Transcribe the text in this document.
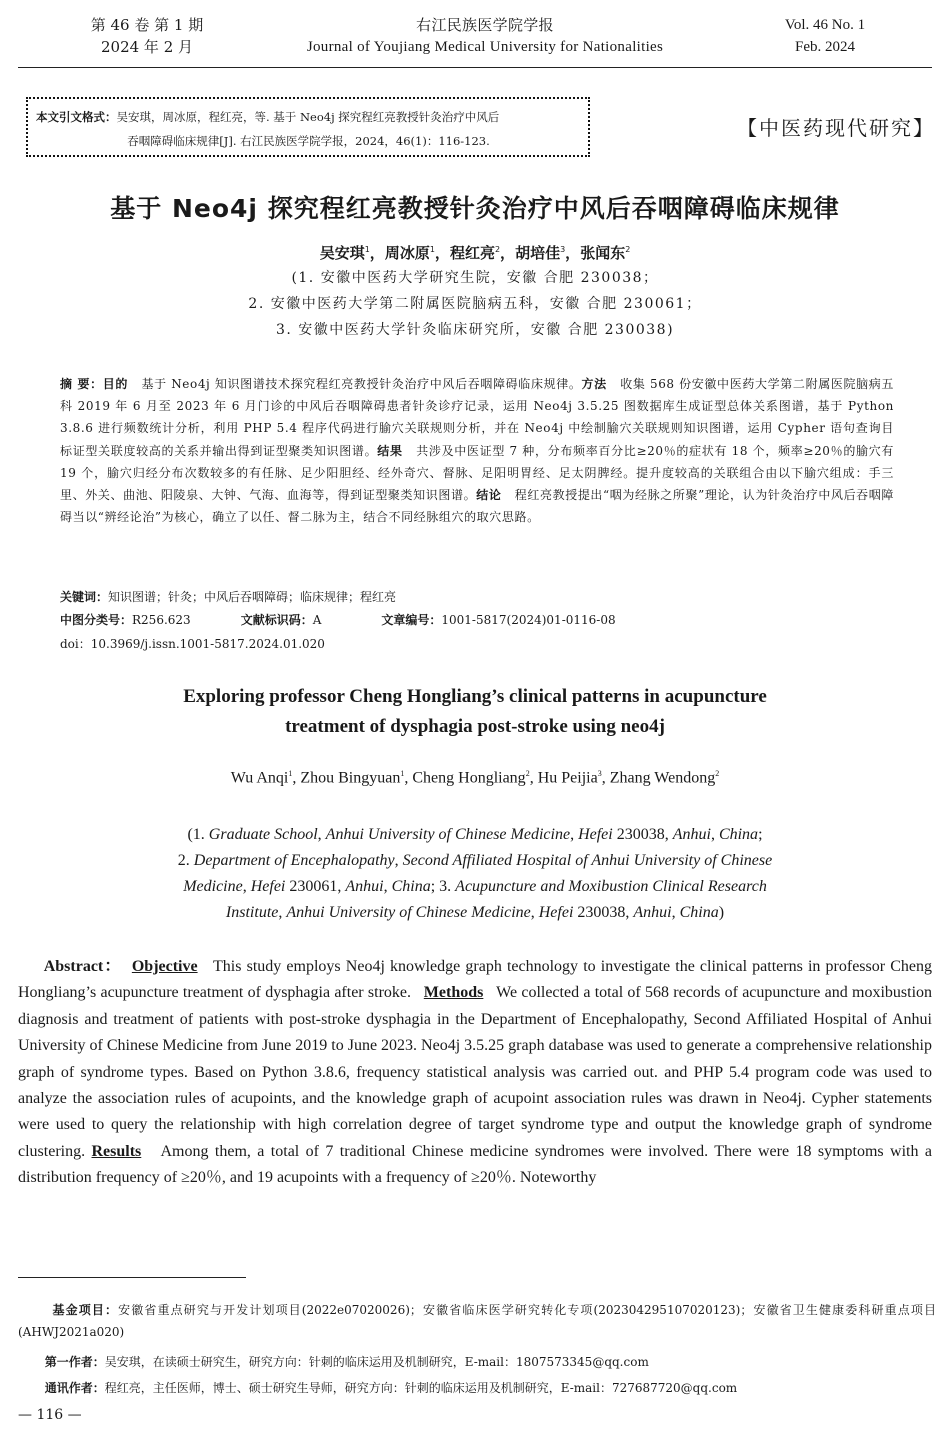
第 46 卷 第 1 期
2024 年 2 月
右江民族医学院学报
Journal of Youjiang Medical University for Nationalities
Vol. 46 No. 1
Feb. 2024
本文引文格式：吴安琪，周冰原，程红亮，等. 基于 Neo4j 探究程红亮教授针灸治疗中风后
吞咽障碍临床规律[J]. 右江民族医学院学报，2024，46(1)：116-123.
【中医药现代研究】
基于 Neo4j 探究程红亮教授针灸治疗中风后吞咽障碍临床规律
吴安琪$^1$，周冰原$^1$，程红亮$^2$，胡培佳$^3$，张闻东$^2$
(1. 安徽中医药大学研究生院，安徽 合肥 230038；
2. 安徽中医药大学第二附属医院脑病五科，安徽 合肥 230061；
3. 安徽中医药大学针灸临床研究所，安徽 合肥 230038)
摘 要：目的 基于 Neo4j 知识图谱技术探究程红亮教授针灸治疗中风后吞咽障碍临床规律。方法 收集 568 份安徽中医药大学第二附属医院脑病五科 2019 年 6 月至 2023 年 6 月门诊的中风后吞咽障碍患者针灸诊疗记录，运用 Neo4j 3.5.25 图数据库生成证型总体关系图谱，基于 Python 3.8.6 进行频数统计分析，利用 PHP 5.4 程序代码进行腧穴关联规则分析，并在 Neo4j 中绘制腧穴关联规则知识图谱，运用 Cypher 语句查询目标证型关联度较高的关系并输出得到证型聚类知识图谱。结果 共涉及中医证型 7 种，分布频率百分比≥20％的症状有 18 个，频率≥20％的腧穴有 19 个，腧穴归经分布次数较多的有任脉、足少阳胆经、经外奇穴、督脉、足阳明胃经、足太阴脾经。提升度较高的关联组合由以下腧穴组成：手三里、外关、曲池、阳陵泉、大钟、气海、血海等，得到证型聚类知识图谱。结论 程红亮教授提出“咽为经脉之所聚”理论，认为针灸治疗中风后吞咽障碍当以“辨经论治”为核心，确立了以任、督二脉为主，结合不同经脉组穴的取穴思路。
关键词：知识图谱；针灸；中风后吞咽障碍；临床规律；程红亮
中图分类号：R256.623	文献标识码：A	文章编号：1001-5817(2024)01-0116-08
doi：10.3969/j.issn.1001-5817.2024.01.020
Exploring professor Cheng Hongliang’s clinical patterns in acupuncture
treatment of dysphagia post-stroke using neo4j
Wu Anqi$^1$, Zhou Bingyuan$^1$, Cheng Hongliang$^2$, Hu Peijia$^3$, Zhang Wendong$^2$
(1. Graduate School, Anhui University of Chinese Medicine, Hefei 230038, Anhui, China;
2. Department of Encephalopathy, Second Affiliated Hospital of Anhui University of Chinese
Medicine, Hefei 230061, Anhui, China; 3. Acupuncture and Moxibustion Clinical Research
Institute, Anhui University of Chinese Medicine, Hefei 230038, Anhui, China)
Abstract： Objective This study employs Neo4j knowledge graph technology to investigate the clinical patterns in professor Cheng Hongliang’s acupuncture treatment of dysphagia after stroke. Methods We collected a total of 568 records of acupuncture and moxibustion diagnosis and treatment of patients with post-stroke dysphagia in the Department of Encephalopathy, Second Affiliated Hospital of Anhui University of Chinese Medicine from June 2019 to June 2023. Neo4j 3.5.25 graph database was used to generate a comprehensive relationship graph of syndrome types. Based on Python 3.8.6, frequency statistical analysis was carried out. and PHP 5.4 program code was used to analyze the association rules of acupoints, and the knowledge graph of acupoint association rules was drawn in Neo4j. Cypher statements were used to query the relationship with high correlation degree of target syndrome type and output the knowledge graph of syndrome clustering. Results Among them, a total of 7 traditional Chinese medicine syndromes were involved. There were 18 symptoms with a distribution frequency of ≥20％, and 19 acupoints with a frequency of ≥20％. Noteworthy
基金项目：安徽省重点研究与开发计划项目(2022e07020026)；安徽省临床医学研究转化专项(202304295107020123)；安徽省卫生健康委科研重点项目(AHWJ2021a020)
第一作者：吴安琪，在读硕士研究生，研究方向：针刺的临床运用及机制研究，E-mail：1807573345@qq.com
通讯作者：程红亮，主任医师，博士、硕士研究生导师，研究方向：针刺的临床运用及机制研究，E-mail：727687720@qq.com
— 116 —
